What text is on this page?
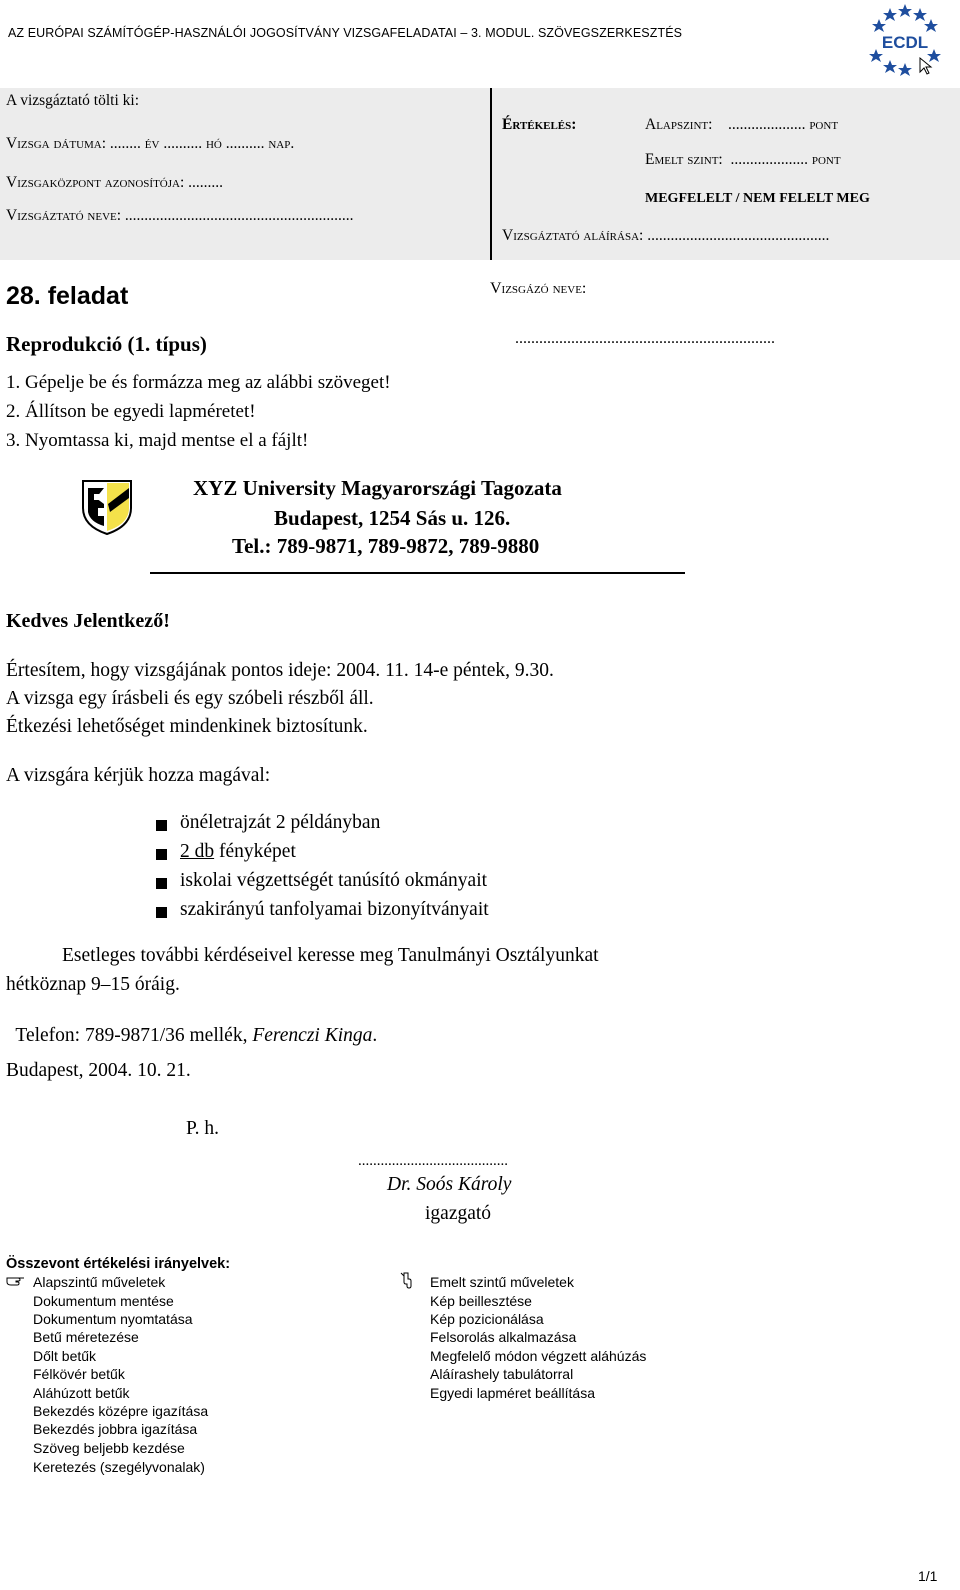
AZ EURÓPAI SZÁMÍTÓGÉP-HASZNÁLÓI JOGOSÍTVÁNY VIZSGAFELADATAI – 3. MODUL. SZÖVEGSZERKESZTÉS	ECDL
A vizsgáztató tölti ki:
Vizsga dátuma: ........ év .......... hó .......... nap.
Vizsgaközpont azonosítója: .........
Vizsgáztató neve: ...........................................................
Értékelés:	Alapszint:    .................... pont
Emelt szint:  .................... pont
MEGFELELT / NEM FELELT MEG
Vizsgáztató aláírása: ...............................................
28. feladat
Reprodukció (1. típus)
Vizsgázó neve:
.................................................................
1. Gépelje be és formázza meg az alábbi szöveget!
2. Állítson be egyedi lapméretet!
3. Nyomtassa ki, majd mentse el a fájlt!
XYZ University Magyarországi Tagozata
Budapest, 1254 Sás u. 126.
Tel.: 789-9871, 789-9872, 789-9880
Kedves Jelentkező!
Értesítem, hogy vizsgájának pontos ideje: 2004. 11. 14-e péntek, 9.30.
A vizsga egy írásbeli és egy szóbeli részből áll.
Étkezési lehetőséget mindenkinek biztosítunk.
A vizsgára kérjük hozza magával:
önéletrajzát 2 példányban
2 db fényképet
iskolai végzettségét tanúsító okmányait
szakirányú tanfolyamai bizonyítványait
Esetleges további kérdéseivel keresse meg Tanulmányi Osztályunkat
hétköznap 9–15 óráig.

Telefon: 789-9871/36 mellék, Ferenczi Kinga.

Budapest, 2004. 10. 21.
P. h.
........................................
Dr. Soós Károly
igazgató
Összevont értékelési irányelvek:
Alapszintű műveletek
Dokumentum mentése
Dokumentum nyomtatása
Betű méretezése
Dőlt betűk
Félkövér betűk
Aláhúzott betűk
Bekezdés középre igazítása
Bekezdés jobbra igazítása
Szöveg beljebb kezdése
Keretezés (szegélyvonalak)
Emelt szintű műveletek
Kép beillesztése
Kép pozicionálása
Felsorolás alkalmazása
Megfelelő módon végzett aláhúzás
Aláírashely tabulátorral
Egyedi lapméret beállítása
1/1
